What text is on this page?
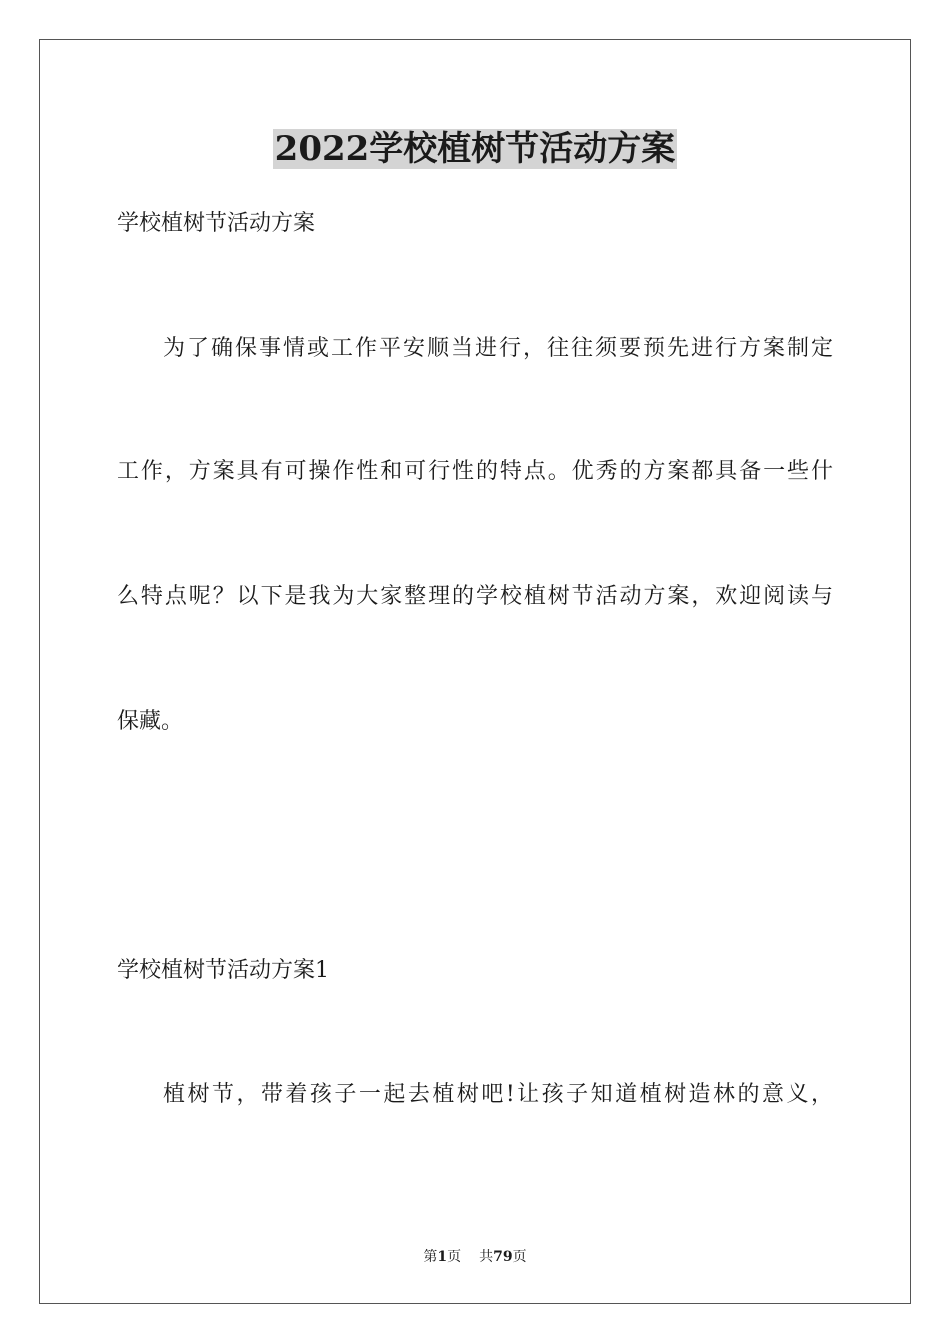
2022学校植树节活动方案

学校植树节活动方案

为了确保事情或工作平安顺当进行，往往须要预先进行方案制定

工作，方案具有可操作性和可行性的特点。优秀的方案都具备一些什

么特点呢？以下是我为大家整理的学校植树节活动方案，欢迎阅读与

保藏。

学校植树节活动方案1

植树节，带着孩子一起去植树吧!让孩子知道植树造林的意义，

第1页 共79页
